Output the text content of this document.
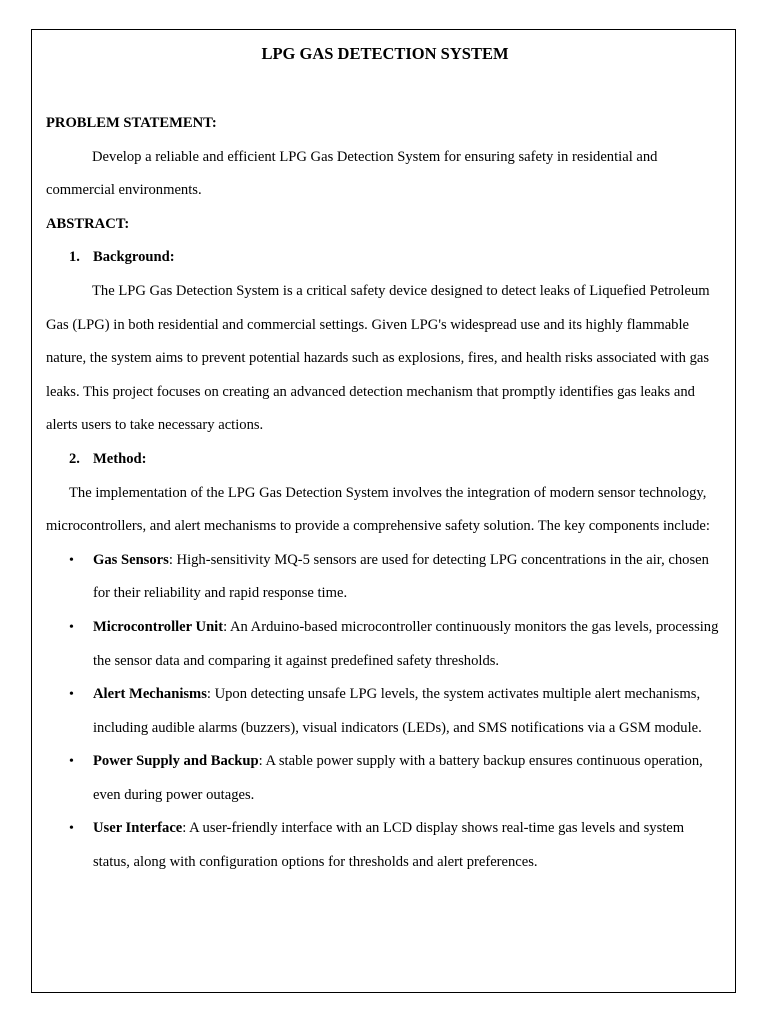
LPG GAS DETECTION SYSTEM

PROBLEM STATEMENT:

Develop a reliable and efficient LPG Gas Detection System for ensuring safety in residential and commercial environments.

ABSTRACT:

1. Background:

The LPG Gas Detection System is a critical safety device designed to detect leaks of Liquefied Petroleum Gas (LPG) in both residential and commercial settings. Given LPG's widespread use and its highly flammable nature, the system aims to prevent potential hazards such as explosions, fires, and health risks associated with gas leaks. This project focuses on creating an advanced detection mechanism that promptly identifies gas leaks and alerts users to take necessary actions.

2. Method:

The implementation of the LPG Gas Detection System involves the integration of modern sensor technology, microcontrollers, and alert mechanisms to provide a comprehensive safety solution. The key components include:

• Gas Sensors: High-sensitivity MQ-5 sensors are used for detecting LPG concentrations in the air, chosen for their reliability and rapid response time.
• Microcontroller Unit: An Arduino-based microcontroller continuously monitors the gas levels, processing the sensor data and comparing it against predefined safety thresholds.
• Alert Mechanisms: Upon detecting unsafe LPG levels, the system activates multiple alert mechanisms, including audible alarms (buzzers), visual indicators (LEDs), and SMS notifications via a GSM module.
• Power Supply and Backup: A stable power supply with a battery backup ensures continuous operation, even during power outages.
• User Interface: A user-friendly interface with an LCD display shows real-time gas levels and system status, along with configuration options for thresholds and alert preferences.
